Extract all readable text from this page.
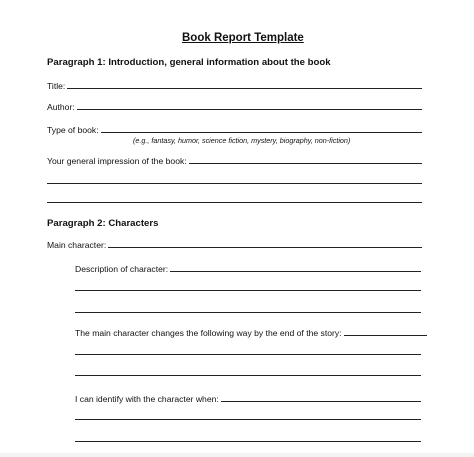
Book Report Template
Paragraph 1: Introduction, general information about the book
Title:
Author:
Type of book:
(e.g., fantasy, humor, science fiction, mystery, biography, non-fiction)
Your general impression of the book:
Paragraph 2: Characters
Main character:
Description of character:
The main character changes the following way by the end of the story:
I can identify with the character when:
